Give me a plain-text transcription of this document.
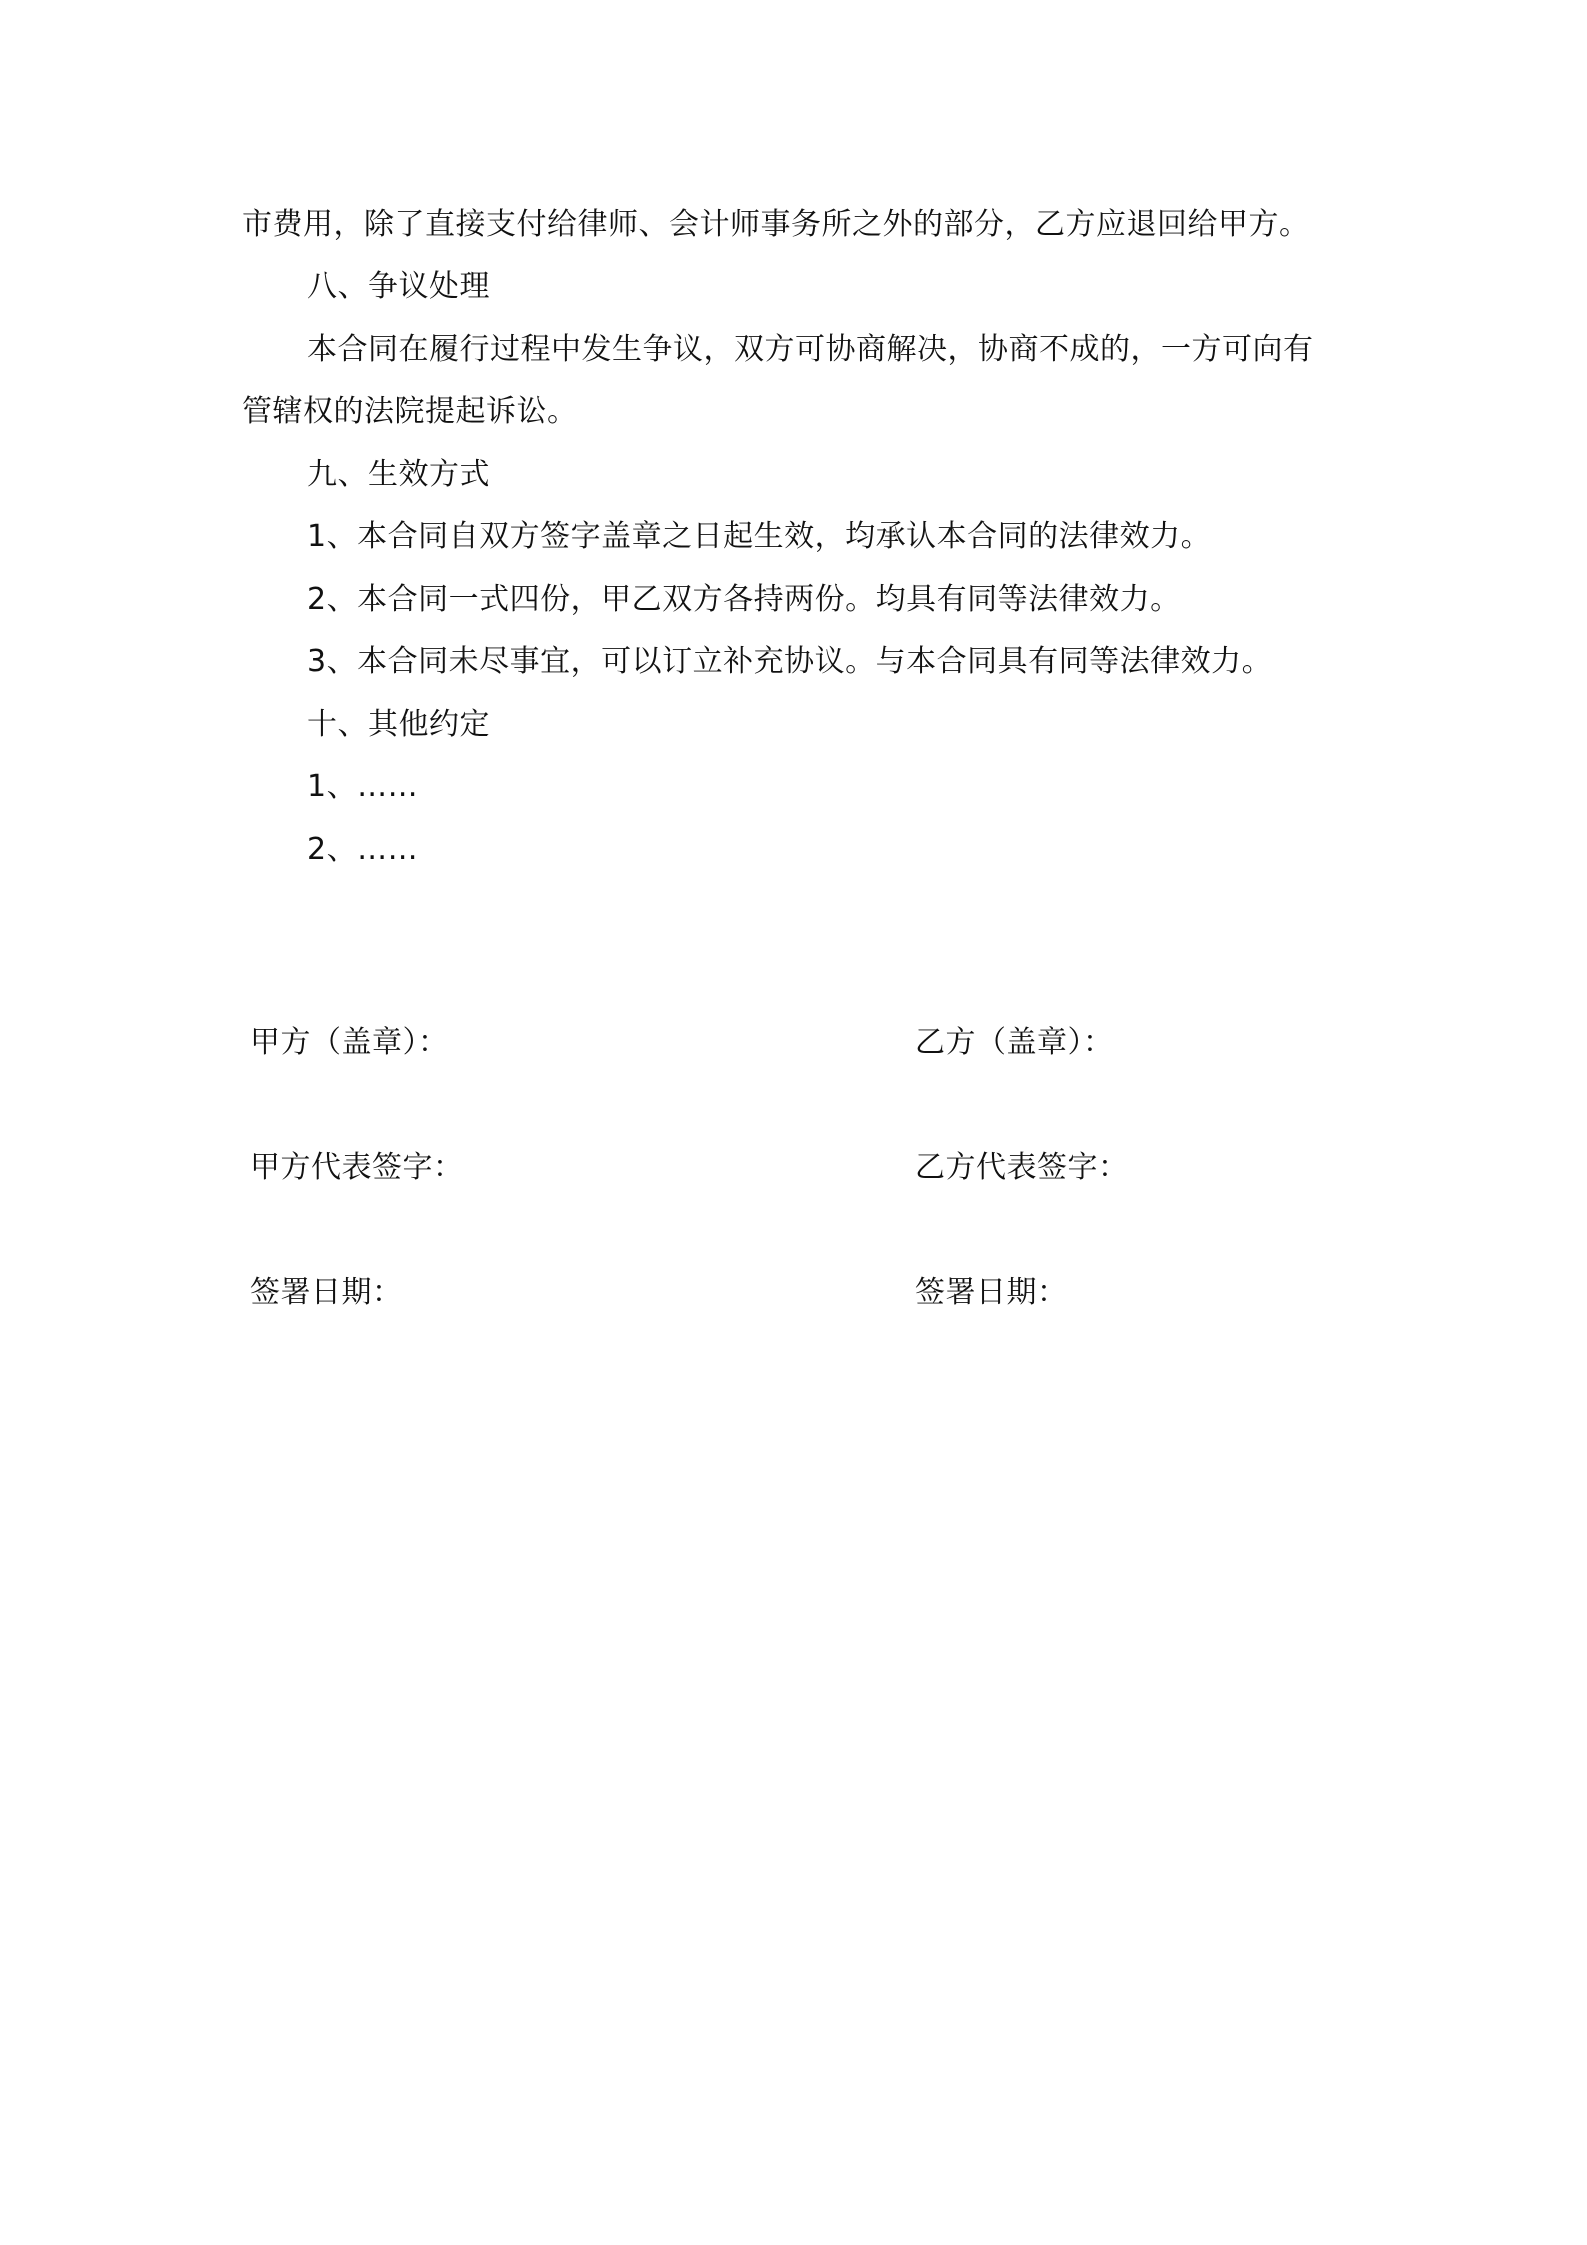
市费用，除了直接支付给律师、会计师事务所之外的部分，乙方应退回给甲方。
八、争议处理
本合同在履行过程中发生争议，双方可协商解决，协商不成的，一方可向有
管辖权的法院提起诉讼。
九、生效方式
1、本合同自双方签字盖章之日起生效，均承认本合同的法律效力。
2、本合同一式四份，甲乙双方各持两份。均具有同等法律效力。
3、本合同未尽事宜，可以订立补充协议。与本合同具有同等法律效力。
十、其他约定
1、……
2、……
甲方（盖章）：	乙方（盖章）：
甲方代表签字：	乙方代表签字：
签署日期：	签署日期：
